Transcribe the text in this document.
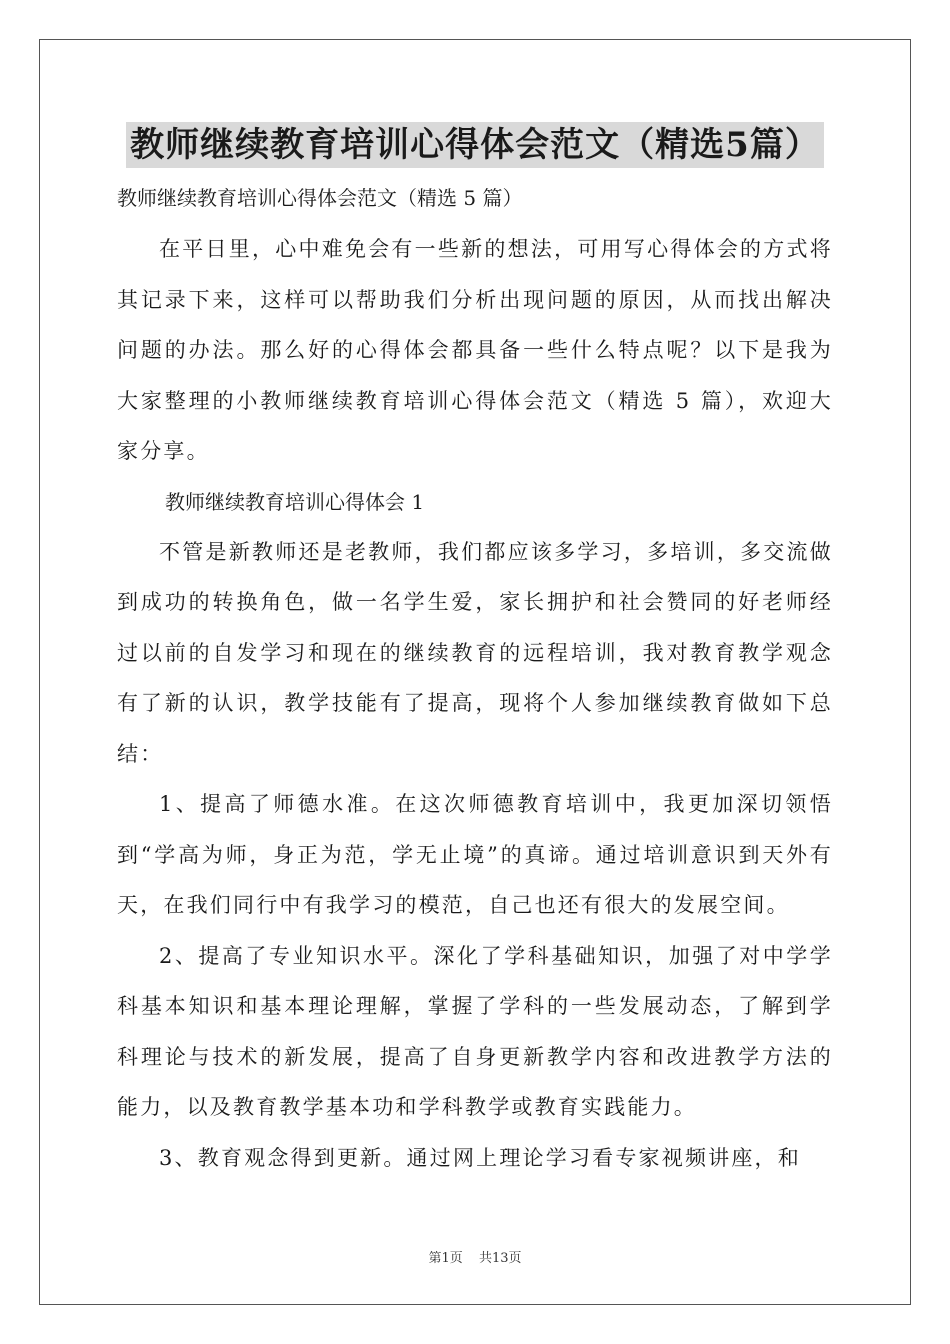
教师继续教育培训心得体会范文（精选5篇）

教师继续教育培训心得体会范文（精选 5 篇）

在平日里，心中难免会有一些新的想法，可用写心得体会的方式将其记录下来，这样可以帮助我们分析出现问题的原因，从而找出解决问题的办法。那么好的心得体会都具备一些什么特点呢？以下是我为大家整理的小教师继续教育培训心得体会范文（精选 5 篇），欢迎大家分享。

教师继续教育培训心得体会 1

不管是新教师还是老教师，我们都应该多学习，多培训，多交流做到成功的转换角色，做一名学生爱，家长拥护和社会赞同的好老师经过以前的自发学习和现在的继续教育的远程培训，我对教育教学观念有了新的认识，教学技能有了提高，现将个人参加继续教育做如下总结：

1、提高了师德水准。在这次师德教育培训中，我更加深切领悟到“学高为师，身正为范，学无止境”的真谛。通过培训意识到天外有天，在我们同行中有我学习的模范，自己也还有很大的发展空间。

2、提高了专业知识水平。深化了学科基础知识，加强了对中学学科基本知识和基本理论理解，掌握了学科的一些发展动态，了解到学科理论与技术的新发展，提高了自身更新教学内容和改进教学方法的能力，以及教育教学基本功和学科教学或教育实践能力。

3、教育观念得到更新。通过网上理论学习看专家视频讲座，和

第1页 共13页
